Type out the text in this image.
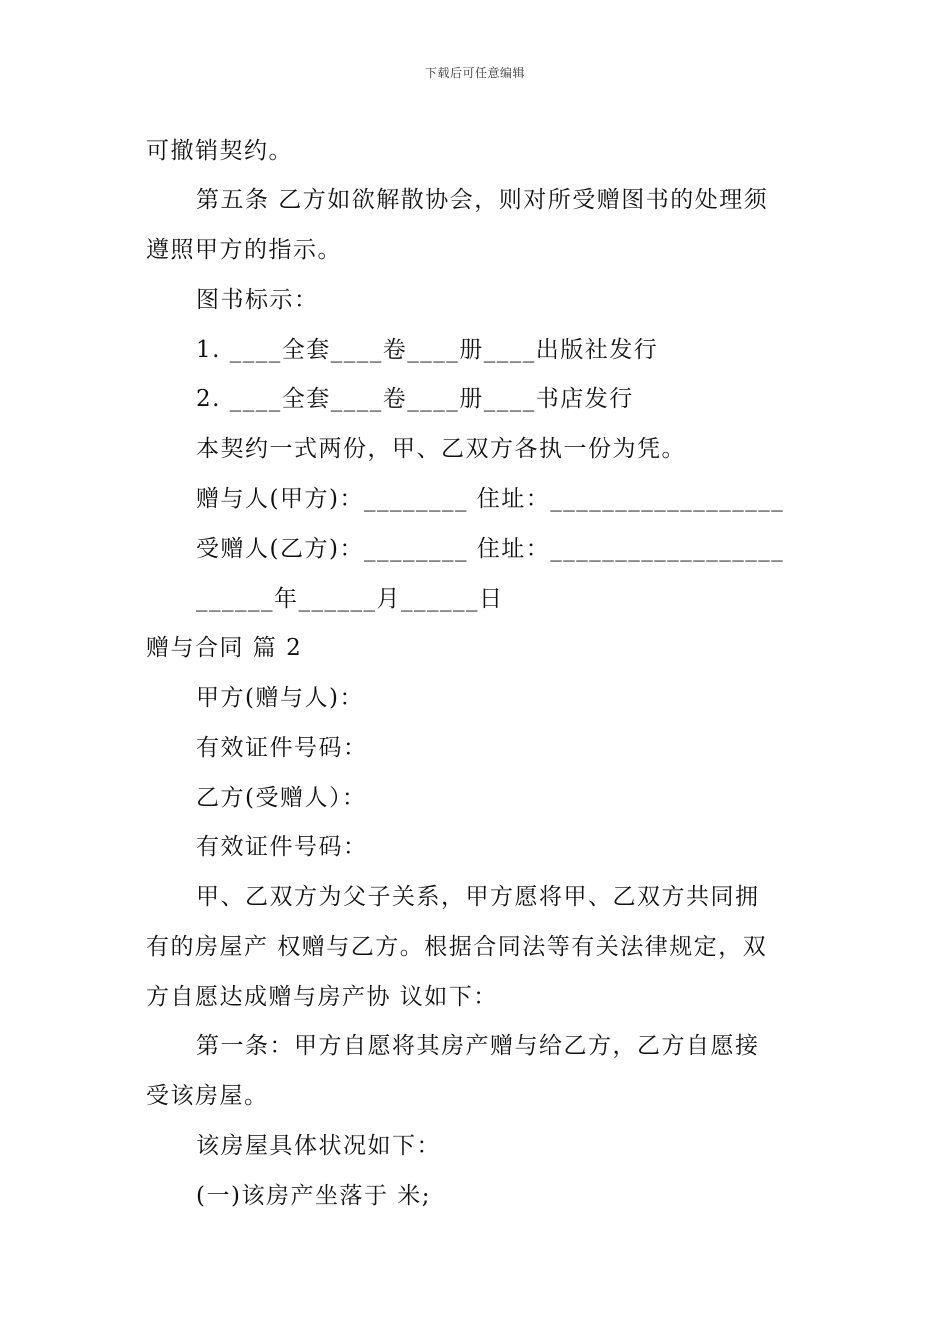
下载后可任意编辑
可撤销契约。
第五条 乙方如欲解散协会，则对所受赠图书的处理须
遵照甲方的指示。
图书标示：
1. ____全套____卷____册____出版社发行
2. ____全套____卷____册____书店发行
本契约一式两份，甲、乙双方各执一份为凭。
赠与人(甲方)：________ 住址：__________________
受赠人(乙方)：________ 住址：__________________
______年______月______日
赠与合同 篇 2
甲方(赠与人)：
有效证件号码：
乙方(受赠人）：
有效证件号码：
甲、乙双方为父子关系，甲方愿将甲、乙双方共同拥
有的房屋产 权赠与乙方。根据合同法等有关法律规定，双
方自愿达成赠与房产协 议如下：
第一条：甲方自愿将其房产赠与给乙方，乙方自愿接
受该房屋。
该房屋具体状况如下：
(一)该房产坐落于 米;
